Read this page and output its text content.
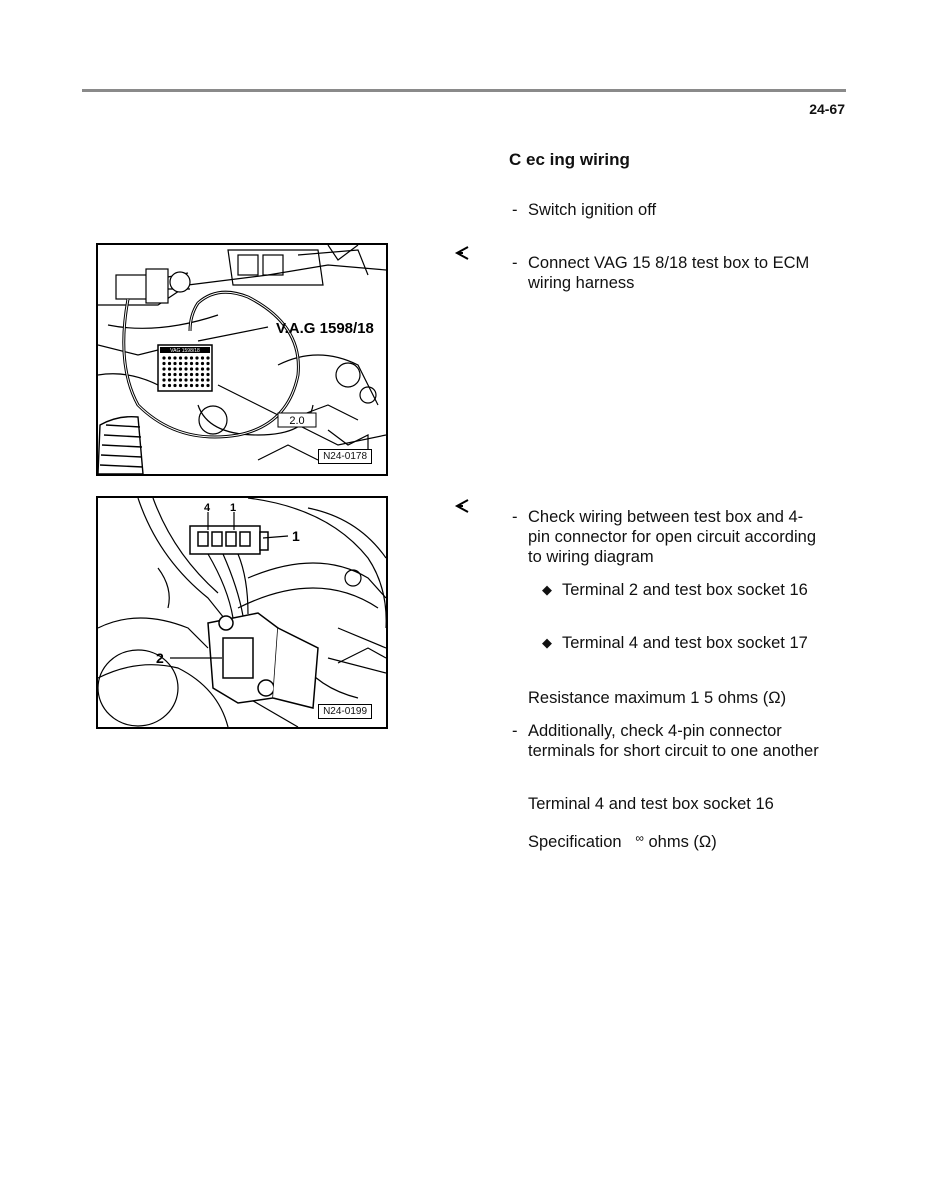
24-67
C ec ing wiring
- Switch ignition off
VAG 1598/18
V.A.G 1598/18
2.0
N24-0178
- Connect VAG 15 8/18 test box to ECM wiring harness
4 1
1
2
N24-0199
- Check wiring between test box and 4-pin connector for open circuit according to wiring diagram
◆ Terminal 2 and test box socket 16
◆ Terminal 4 and test box socket 17
Resistance maximum 1 5 ohms (Ω)
- Additionally, check 4-pin connector terminals for short circuit to one another
Terminal 4 and test box socket 16
Specification ∞ ohms (Ω)
